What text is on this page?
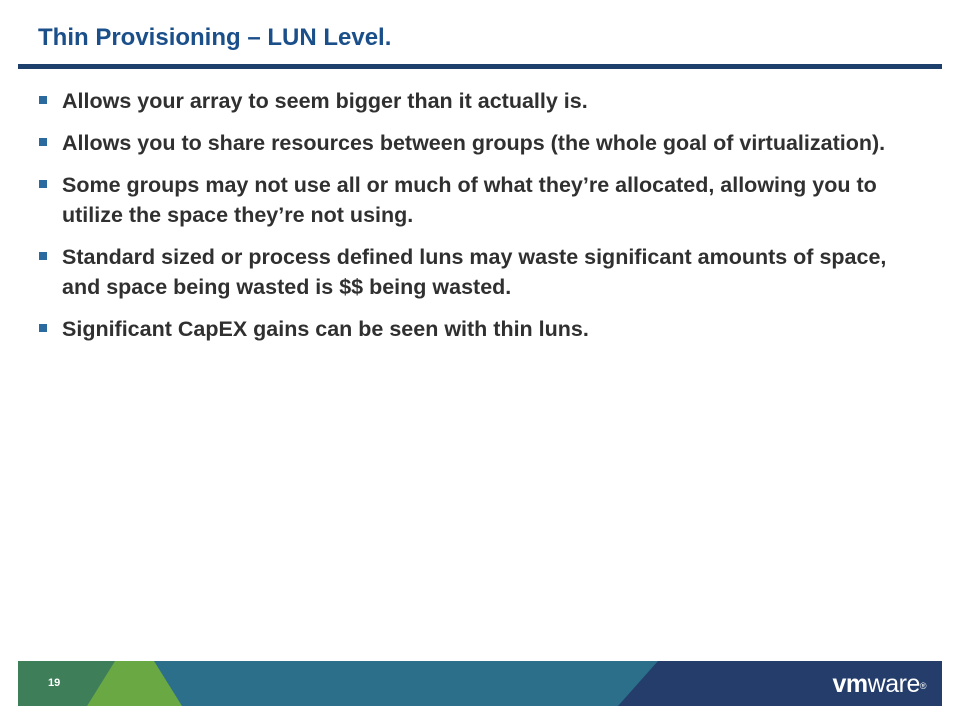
Thin Provisioning – LUN Level.
Allows your array to seem bigger than it actually is.
Allows you to share resources between groups (the whole goal of virtualization).
Some groups may not use all or much of what they’re allocated, allowing you to utilize the space they’re not using.
Standard sized or process defined luns may waste significant amounts of space, and space being wasted is $$ being wasted.
Significant CapEX gains can be seen with thin luns.
19	vmware®
